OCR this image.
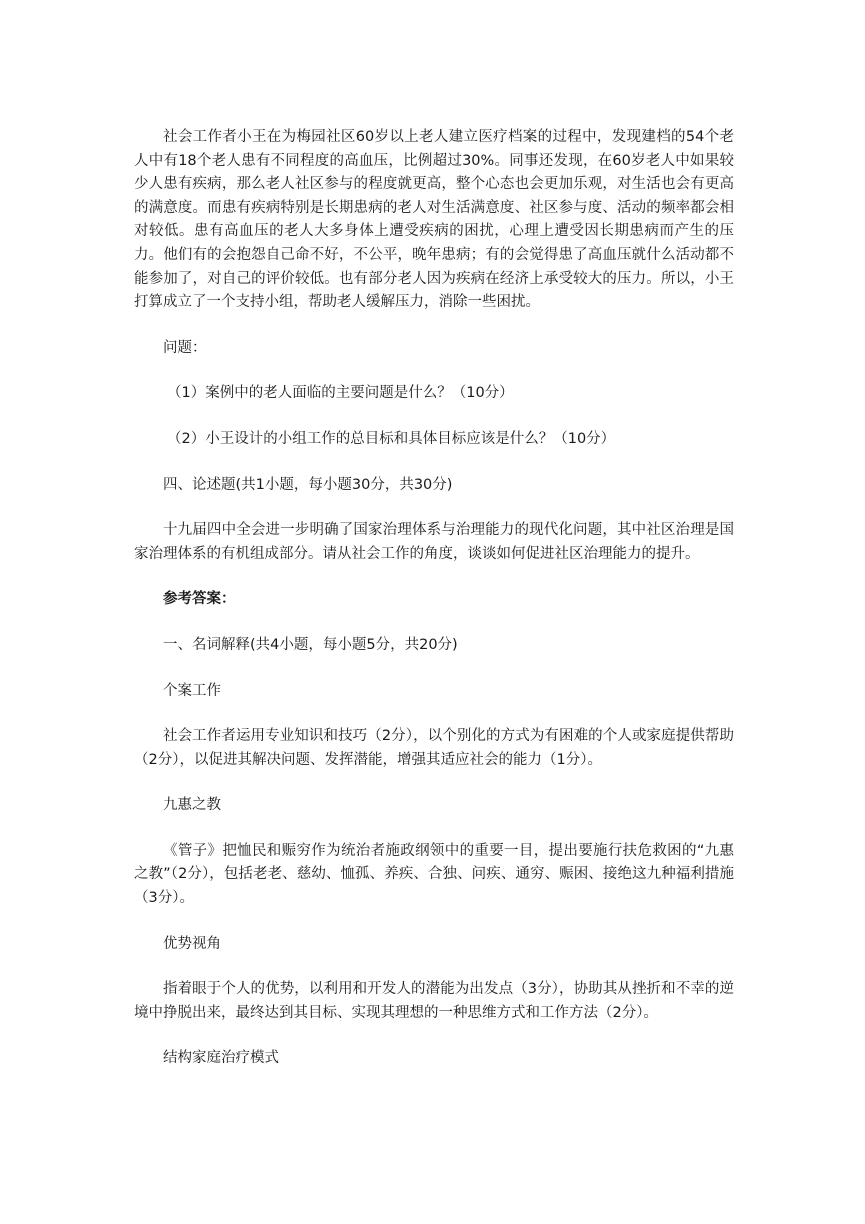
社会工作者小王在为梅园社区60岁以上老人建立医疗档案的过程中，发现建档的54个老人中有18个老人患有不同程度的高血压，比例超过30%。同事还发现，在60岁老人中如果较少人患有疾病，那么老人社区参与的程度就更高，整个心态也会更加乐观，对生活也会有更高的满意度。而患有疾病特别是长期患病的老人对生活满意度、社区参与度、活动的频率都会相对较低。患有高血压的老人大多身体上遭受疾病的困扰，心理上遭受因长期患病而产生的压力。他们有的会抱怨自己命不好，不公平，晚年患病；有的会觉得患了高血压就什么活动都不能参加了，对自己的评价较低。也有部分老人因为疾病在经济上承受较大的压力。所以，小王打算成立了一个支持小组，帮助老人缓解压力，消除一些困扰。

问题：

（1）案例中的老人面临的主要问题是什么？（10分）

（2）小王设计的小组工作的总目标和具体目标应该是什么？（10分）

四、论述题(共1小题，每小题30分，共30分)

十九届四中全会进一步明确了国家治理体系与治理能力的现代化问题，其中社区治理是国家治理体系的有机组成部分。请从社会工作的角度，谈谈如何促进社区治理能力的提升。

参考答案：

一、名词解释(共4小题，每小题5分，共20分)

个案工作

社会工作者运用专业知识和技巧（2分），以个别化的方式为有困难的个人或家庭提供帮助（2分），以促进其解决问题、发挥潜能，增强其适应社会的能力（1分）。

九惠之教

《管子》把恤民和赈穷作为统治者施政纲领中的重要一目，提出要施行扶危救困的“九惠之教”（2分），包括老老、慈幼、恤孤、养疾、合独、问疾、通穷、赈困、接绝这九种福利措施（3分）。

优势视角

指着眼于个人的优势，以利用和开发人的潜能为出发点（3分），协助其从挫折和不幸的逆境中挣脱出来，最终达到其目标、实现其理想的一种思维方式和工作方法（2分）。

结构家庭治疗模式
